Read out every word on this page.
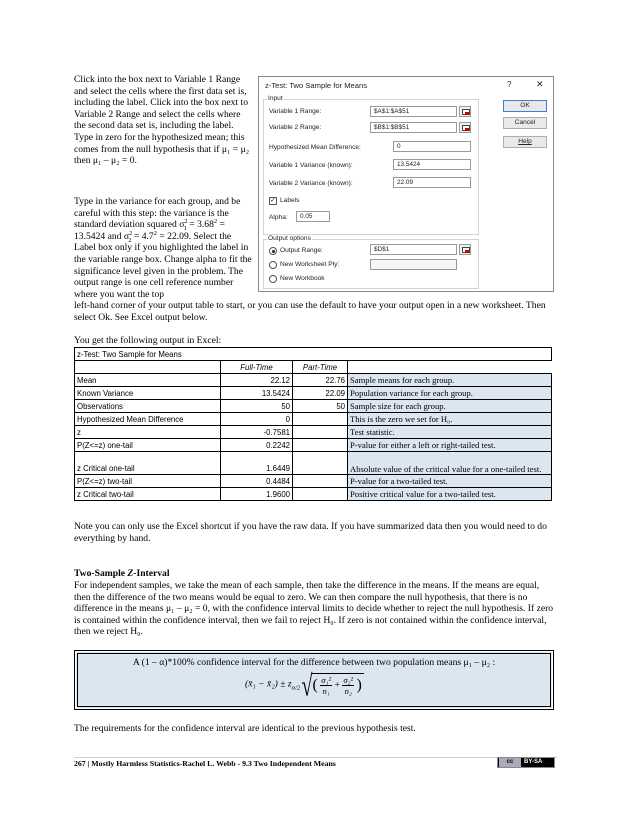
Click into the box next to Variable 1 Range and select the cells where the first data set is, including the label. Click into the box next to Variable 2 Range and select the cells where the second data set is, including the label. Type in zero for the hypothesized mean; this comes from the null hypothesis that if μ₁ = μ₂ then μ₁ – μ₂ = 0.
Type in the variance for each group, and be careful with this step: the variance is the standard deviation squared $\sigma^2_1 = 3.68^2 = 13.5424$ and $\sigma^2_2 = 4.7^2 = 22.09$. Select the Label box only if you highlighted the label in the variable range box. Change alpha to fit the significance level given in the problem. The output range is one cell reference number where you want the top
left-hand corner of your output table to start, or you can use the default to have your output open in a new worksheet. Then select Ok. See Excel output below.
z-Test: Two Sample for Means	?	✕
Input
Variable 1 Range:	$A$1:$A$51
Variable 2 Range:	$B$1:$B$51
Hypothesized Mean Difference:	0
Variable 1 Variance (known):	13.5424
Variable 2 Variance (known):	22.09
✓ Labels
Alpha:	0.05
Output options
Output Range:	$D$1
New Worksheet Ply:
New Workbook
OK
Cancel
Help
You get the following output in Excel:
z-Test: Two Sample for Means			
	Full-Time	Part-Time	
Mean	22.12	22.76	Sample means for each group.
Known Variance	13.5424	22.09	Population variance for each group.
Observations	50	50	Sample size for each group.
Hypothesized Mean Difference	0		This is the zero we set for H₀.
z	-0.7581		Test statistic.
P(Z<=z) one-tail	0.2242		P-value for either a left or right-tailed test.
z Critical one-tail	1.6449		Absolute value of the critical value for a one-tailed test.
P(Z<=z) two-tail	0.4484		P-value for a two-tailed test.
z Critical two-tail	1.9600		Positive critical value for a two-tailed test.
Note you can only use the Excel shortcut if you have the raw data. If you have summarized data then you would need to do everything by hand.
Two-Sample Z-Interval
For independent samples, we take the mean of each sample, then take the difference in the means. If the means are equal, then the difference of the two means would be equal to zero. We can then compare the null hypothesis, that there is no difference in the means μ₁ – μ₂ = 0, with the confidence interval limits to decide whether to reject the null hypothesis. If zero is contained within the confidence interval, then we fail to reject H₀. If zero is not contained within the confidence interval, then we reject H₀.
A (1 – α)*100% confidence interval for the difference between two population means μ₁ – μ₂ :
(x̄₁ − x̄₂) ± $z_{\alpha/2}$ √ ( $\frac{\text{σ₁²}}{\text{n₁}} + \frac{\text{σ₂²}}{\text{n₂}}$ )
The requirements for the confidence interval are identical to the previous hypothesis test.
267 | Mostly Harmless Statistics-Rachel L. Webb - 9.3 Two Independent Means	cc	BY-SA
